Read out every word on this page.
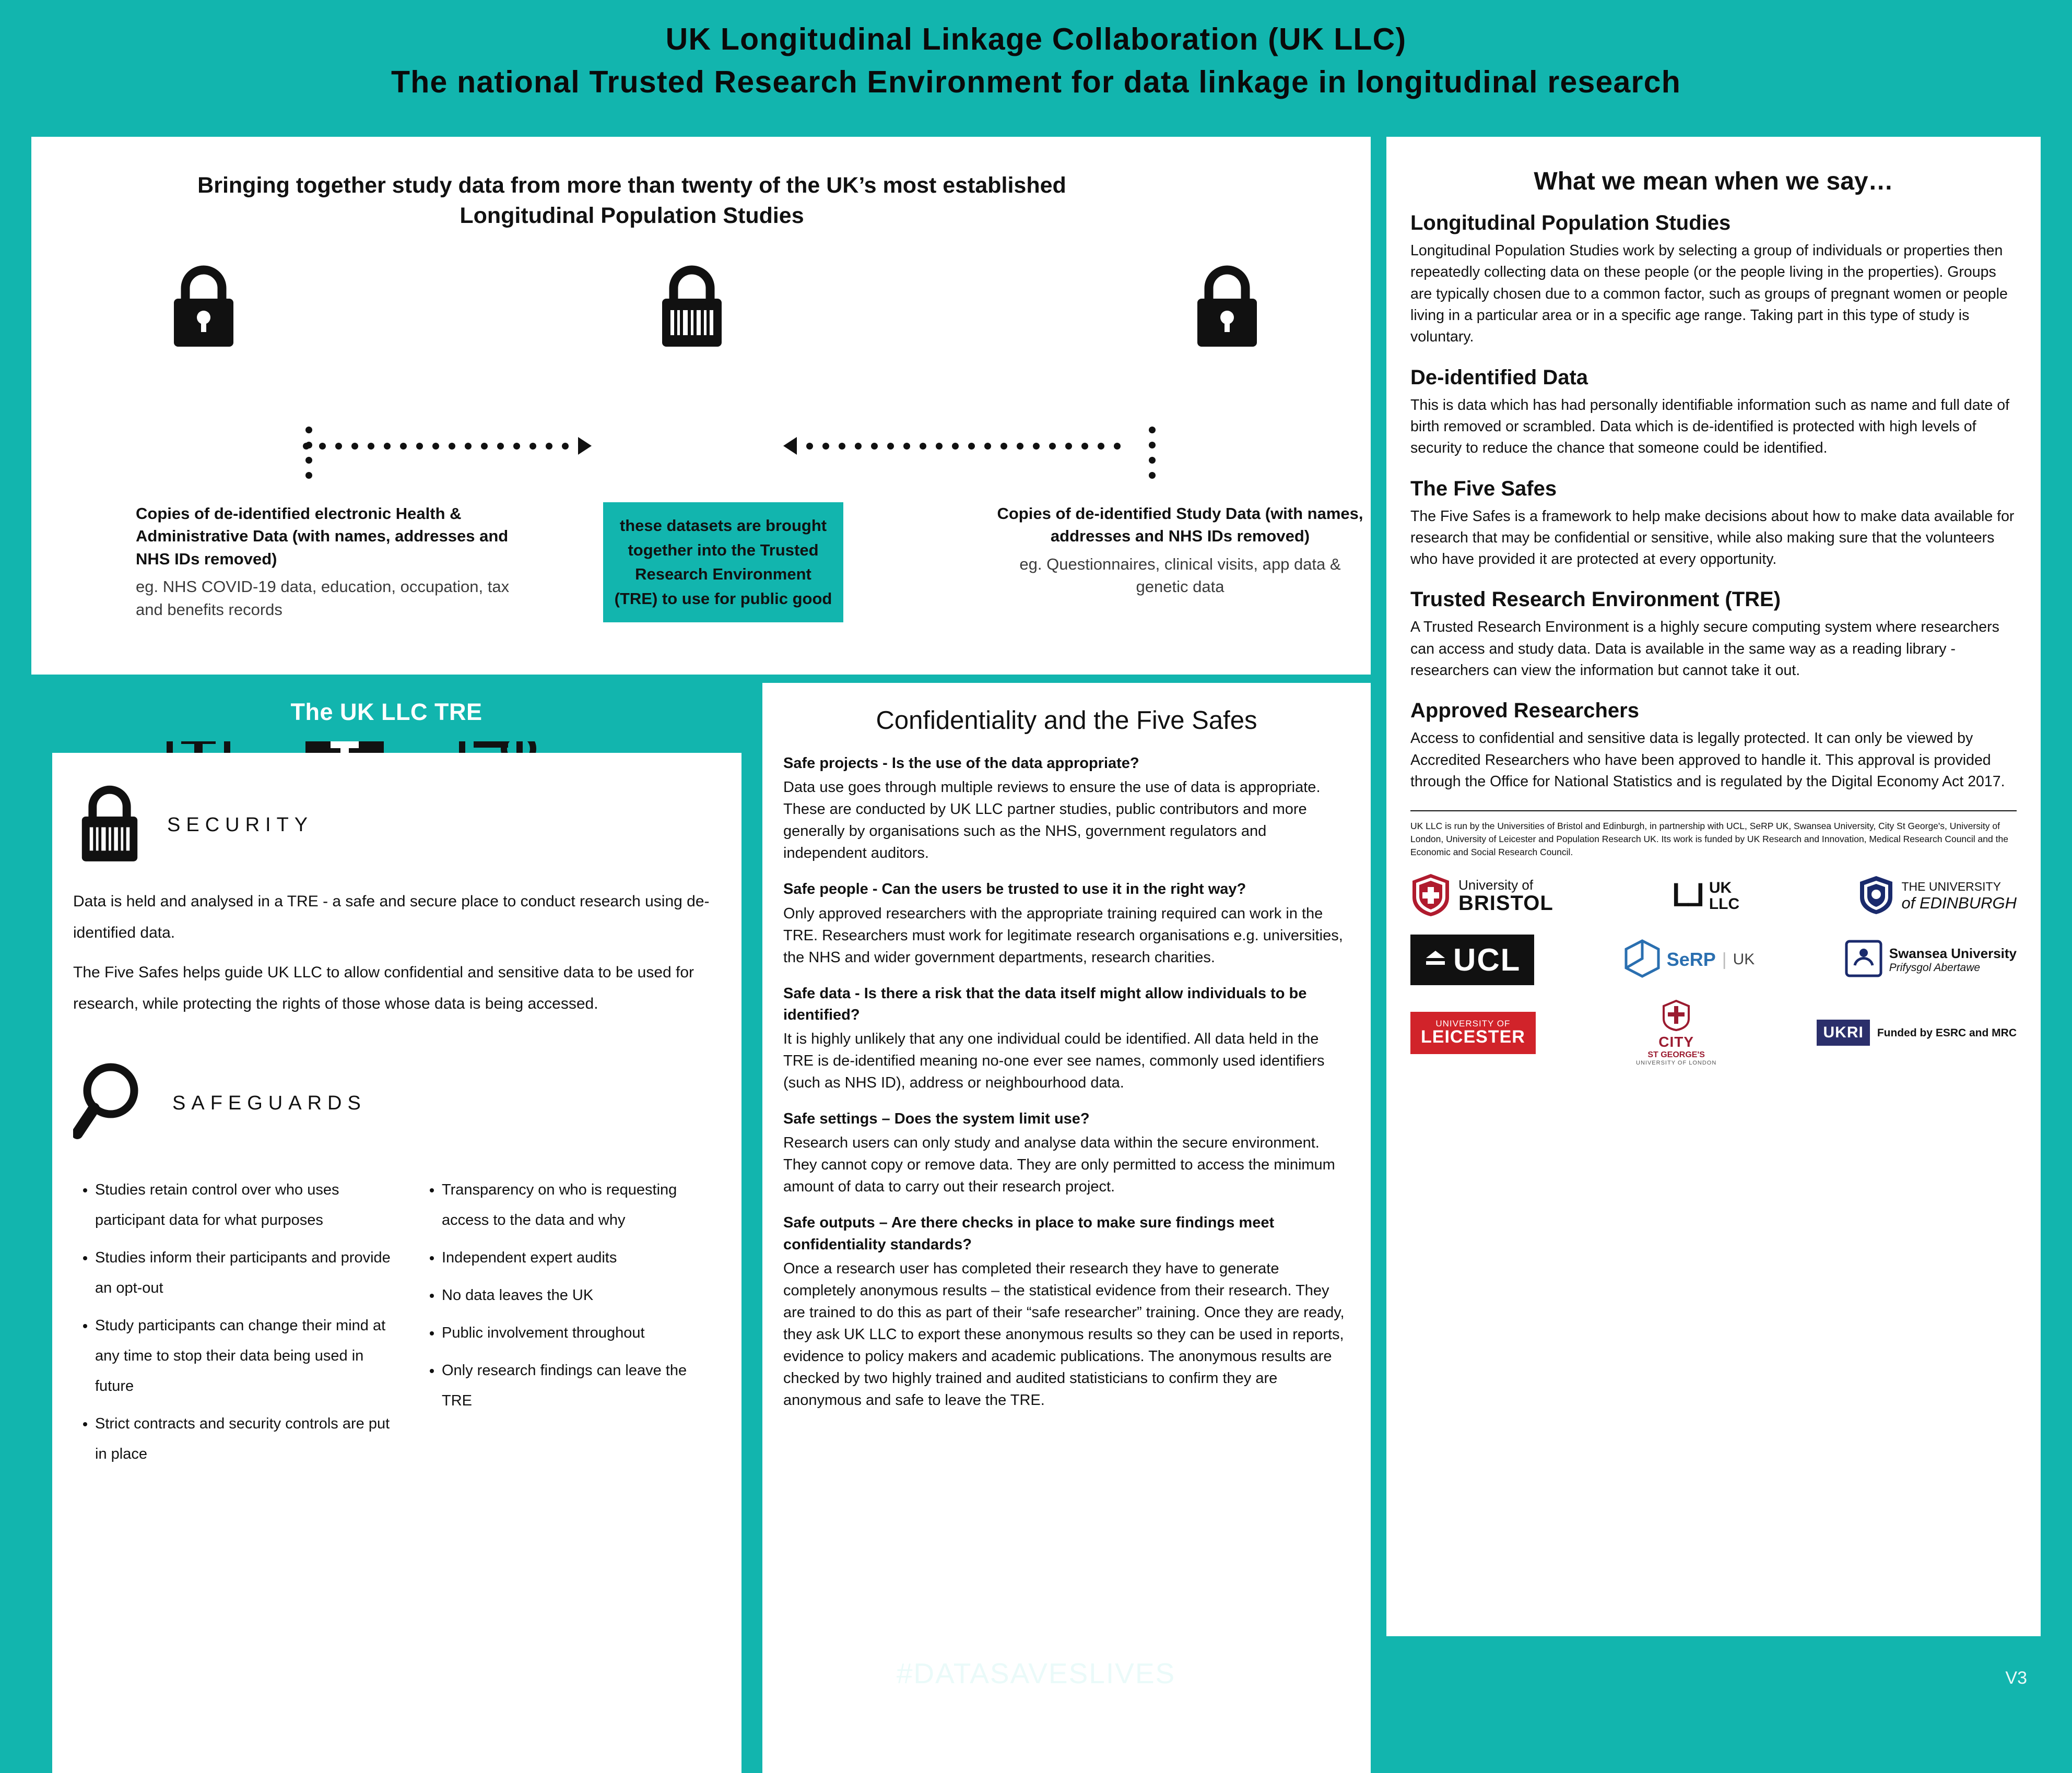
UK Longitudinal Linkage Collaboration (UK LLC)
The national Trusted Research Environment for data linkage in longitudinal research
Bringing together study data from more than twenty of the UK’s most established Longitudinal Population Studies
Copies of de-identified electronic Health & Administrative Data (with names, addresses and NHS IDs removed)
eg. NHS COVID-19 data, education, occupation, tax and benefits records
these datasets are brought together into the Trusted Research Environment (TRE) to use for public good
Copies of de-identified Study Data (with names, addresses and NHS IDs removed)
eg. Questionnaires, clinical visits, app data & genetic data
The UK LLC TRE
SECURITY
Data is held and analysed in a TRE - a safe and secure place to conduct research using de-identified data.
The Five Safes helps guide UK LLC to allow confidential and sensitive data to be used for research, while protecting the rights of those whose data is being accessed.
SAFEGUARDS
• Studies retain control over who uses participant data for what purposes
• Studies inform their participants and provide an opt-out
• Study participants can change their mind at any time to stop their data being used in future
• Strict contracts and security controls are put in place
• Transparency on who is requesting access to the data and why
• Independent expert audits
• No data leaves the UK
• Public involvement throughout
• Only research findings can leave the TRE
Confidentiality and the Five Safes

Safe projects - Is the use of the data appropriate?

Data use goes through multiple reviews to ensure the use of data is appropriate. These are conducted by UK LLC partner studies, public contributors and more generally by organisations such as the NHS, government regulators and independent auditors.

Safe people - Can the users be trusted to use it in the right way?

Only approved researchers with the appropriate training required can work in the TRE. Researchers must work for legitimate research organisations e.g. universities, the NHS and wider government departments, research charities.

Safe data - Is there a risk that the data itself might allow individuals to be identified?

It is highly unlikely that any one individual could be identified. All data held in the TRE is de-identified meaning no-one ever see names, commonly used identifiers (such as NHS ID), address or neighbourhood data.

Safe settings – Does the system limit use?

Research users can only study and analyse data within the secure environment. They cannot copy or remove data. They are only permitted to access the minimum amount of data to carry out their research project.

Safe outputs – Are there checks in place to make sure findings meet confidentiality standards?

Once a research user has completed their research they have to generate completely anonymous results – the statistical evidence from their research. They are trained to do this as part of their “safe researcher” training. Once they are ready, they ask UK LLC to export these anonymous results so they can be used in reports, evidence to policy makers and academic publications. The anonymous results are checked by two highly trained and audited statisticians to confirm they are anonymous and safe to leave the TRE.

What we mean when we say…

Longitudinal Population Studies

Longitudinal Population Studies work by selecting a group of individuals or properties then repeatedly collecting data on these people (or the people living in the properties). Groups are typically chosen due to a common factor, such as groups of pregnant women or people living in a particular area or in a specific age range. Taking part in this type of study is voluntary.

De-identified Data

This is data which has had personally identifiable information such as name and full date of birth removed or scrambled. Data which is de-identified is protected with high levels of security to reduce the chance that someone could be identified.

The Five Safes

The Five Safes is a framework to help make decisions about how to make data available for research that may be confidential or sensitive, while also making sure that the volunteers who have provided it are protected at every opportunity.

Trusted Research Environment (TRE)

A Trusted Research Environment is a highly secure computing system where researchers can access and study data. Data is available in the same way as a reading library - researchers can view the information but cannot take it out.

Approved Researchers

Access to confidential and sensitive data is legally protected. It can only be viewed by Accredited Researchers who have been approved to handle it. This approval is provided through the Office for National Statistics and is regulated by the Digital Economy Act 2017.

UK LLC is run by the Universities of Bristol and Edinburgh, in partnership with UCL, SeRP UK, Swansea University, City St George's, University of London, University of Leicester and Population Research UK. Its work is funded by UK Research and Innovation, Medical Research Council and the Economic and Social Research Council.
University of
BRISTOL	ᒪᒧ UK
LLC
THE UNIVERSITY
of EDINBURGH
UCL	SeRP | UK	Swansea University
Prifysgol Abertawe
UNIVERSITY OF
LEICESTER	CITY
ST GEORGE'S
UNIVERSITY OF LONDON
UKRI	Funded by ESRC and MRC
#DATASAVESLIVES	V3
